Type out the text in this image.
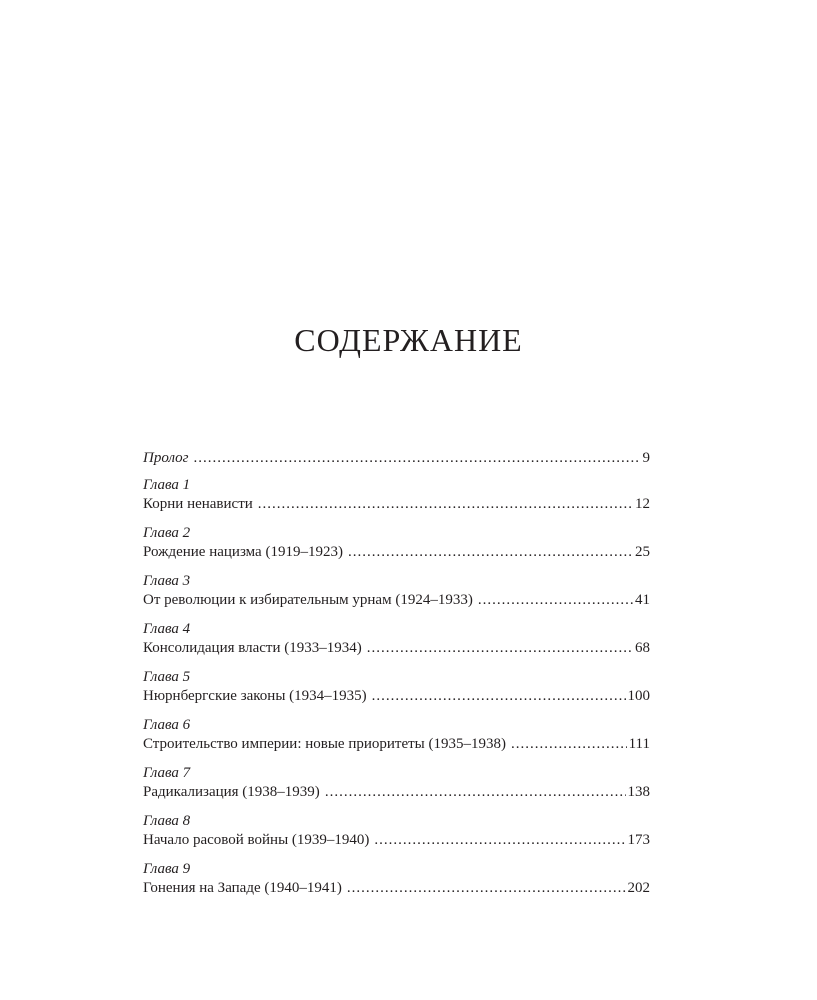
СОДЕРЖАНИЕ
Пролог .....	9
Глава 1
Корни ненависти .....	12
Глава 2
Рождение нацизма (1919–1923) .....	25
Глава 3
От революции к избирательным урнам (1924–1933) .....	41
Глава 4
Консолидация власти (1933–1934) .....	68
Глава 5
Нюрнбергские законы (1934–1935) .....	100
Глава 6
Строительство империи: новые приоритеты (1935–1938) .....	111
Глава 7
Радикализация (1938–1939) .....	138
Глава 8
Начало расовой войны (1939–1940) .....	173
Глава 9
Гонения на Западе (1940–1941) .....	202
